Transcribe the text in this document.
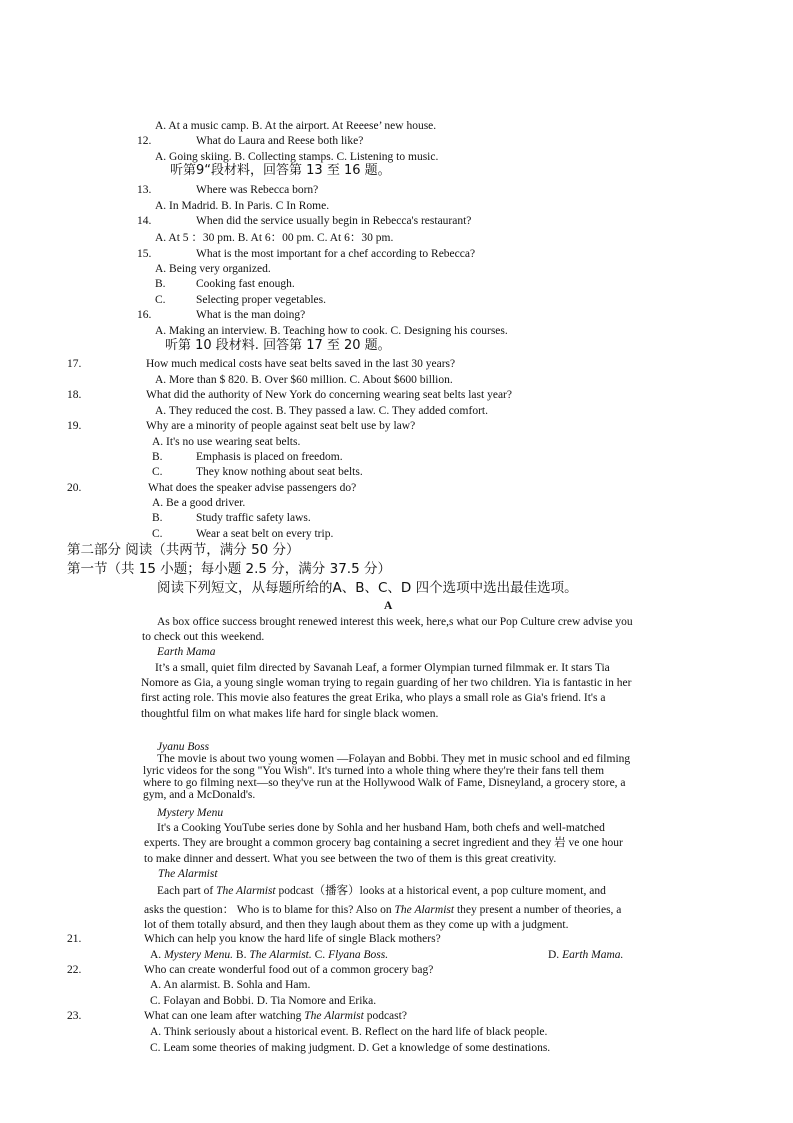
A. At a music camp. B. At the airport. At Reeese’ new house.
12.	What do Laura and Reese both like?
A. Going skiing. B. Collecting stamps. C. Listening to music.
听第9“段材料，回答第 13 至 16 题。
13.	Where was Rebecca born?
A. In Madrid. B. In Paris. C In Rome.
14.	When did the service usually begin in Rebecca's restaurant?
A. At 5 ：30 pm. B. At 6：00 pm. C. At 6：30 pm.
15.	What is the most important for a chef according to Rebecca?
A. Being very organized.
B.	Cooking fast enough.
C.	Selecting proper vegetables.
16.	What is the man doing?
A. Making an interview. B. Teaching how to cook. C. Designing his courses.
听第 10 段材料. 回答第 17 至 20 题。
17.	How much medical costs have seat belts saved in the last 30 years?
A. More than $ 820. B. Over $60 million. C. About $600 billion.
18.	What did the authority of New York do concerning wearing seat belts last year?
A. They reduced the cost. B. They passed a law. C. They added comfort.
19.	Why are a minority of people against seat belt use by law?
A. It's no use wearing seat belts.
B.	Emphasis is placed on freedom.
C.	They know nothing about seat belts.
20.	What does the speaker advise passengers do?
A. Be a good driver.
B.	Study traffic safety laws.
C.	Wear a seat belt on every trip.
第二部分 阅读（共两节，满分 50 分）
第一节（共 15 小题；每小题 2.5 分，满分 37.5 分）
阅读下列短文，从每题所给的A、B、C、D 四个选项中选出最佳选项。
A
As box office success brought renewed interest this week, here,s what our Pop Culture crew advise you
to check out this weekend.
Earth Mama
It’s a small, quiet film directed by Savanah Leaf, a former Olympian turned filmmak er. It stars Tia
Nomore as Gia, a young single woman trying to regain guarding of her two children. Yia is fantastic in her
first acting role. This movie also features the great Erika, who plays a small role as Gia's friend. It's a
thoughtful film on what makes life hard for single black women.
Jyanu Boss
The movie is about two young women —Folayan and Bobbi. They met in music school and ed filming
lyric videos for the song "You Wish". It's turned into a whole thing where they're their fans tell them
where to go filming next—so they've run at the Hollywood Walk of Fame, Disneyland, a grocery store, a
gym, and a McDonald's.
Mystery Menu
It's a Cooking YouTube series done by Sohla and her husband Ham, both chefs and well-matched
experts. They are brought a common grocery bag containing a secret ingredient and they 岩 ve one hour
to make dinner and dessert. What you see between the two of them is this great creativity.
The Alarmist
Each part of The Alarmist podcast（播客）looks at a historical event, a pop culture moment, and
asks the question： Who is to blame for this? Also on The Alarmist they present a number of theories, a
lot of them totally absurd, and then they laugh about them as they come up with a judgment.
21.	Which can help you know the hard life of single Black mothers?
A. Mystery Menu. B. The Alarmist. C. Flyana Boss.	D. Earth Mama.
22.	Who can create wonderful food out of a common grocery bag?
A. An alarmist. B. Sohla and Ham.
C. Folayan and Bobbi. D. Tia Nomore and Erika.
23.	What can one leam after watching The Alarmist podcast?
A. Think seriously about a historical event. B. Reflect on the hard life of black people.
C. Leam some theories of making judgment. D. Get a knowledge of some destinations.
